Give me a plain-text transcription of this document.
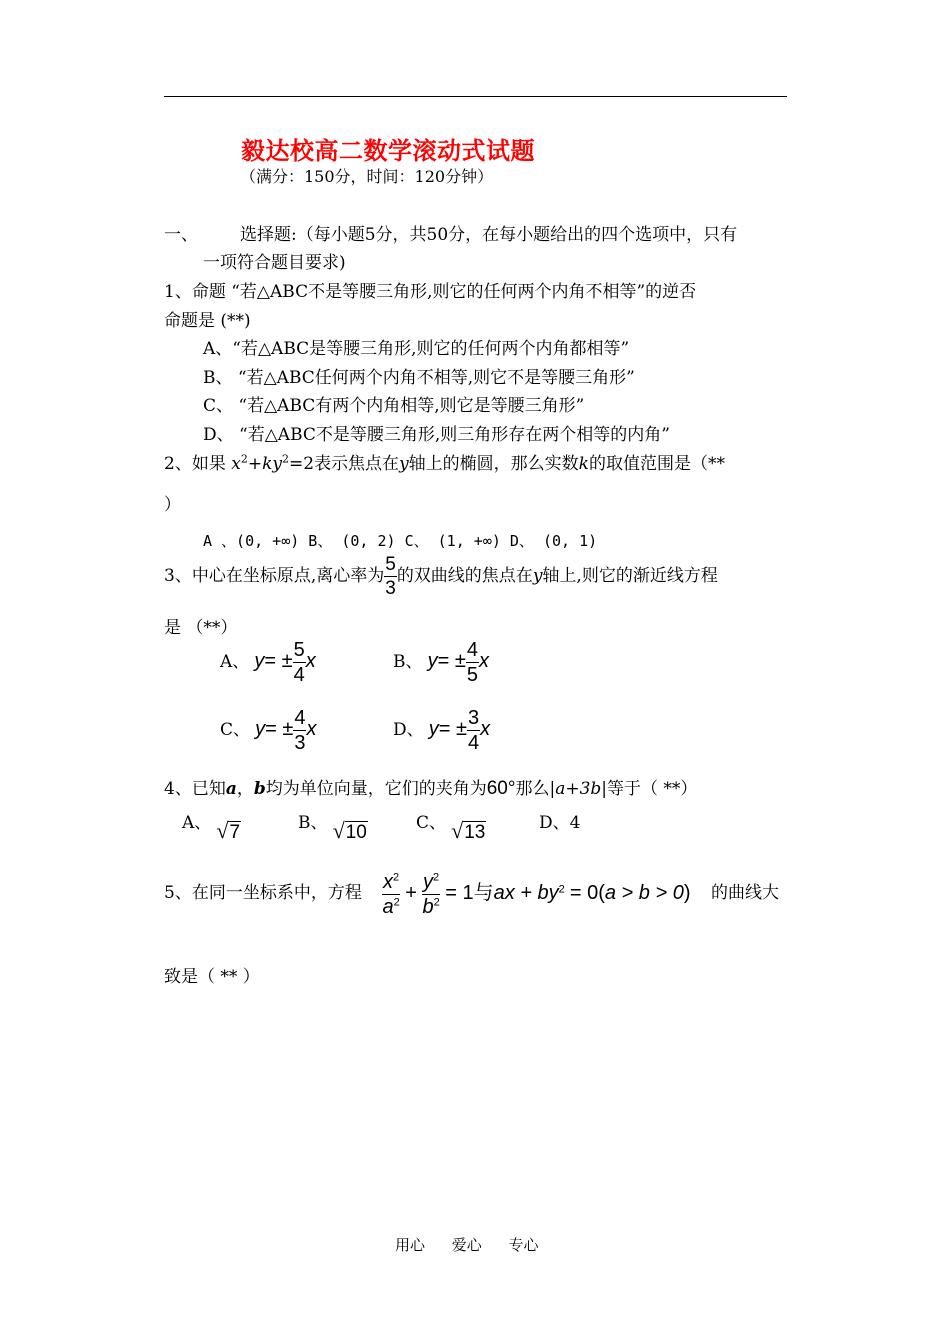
毅达校高二数学滚动式试题
（满分：150分，时间：120分钟）
一、 选择题:（每小题5分，共50分，在每小题给出的四个选项中，只有
一项符合题目要求)
1、命题 “若△ABC不是等腰三角形,则它的任何两个内角不相等”的逆否
命题是 (**)
A、“若△ABC是等腰三角形,则它的任何两个内角都相等”
B、 “若△ABC任何两个内角不相等,则它不是等腰三角形”
C、 “若△ABC有两个内角相等,则它是等腰三角形”
D、 “若△ABC不是等腰三角形,则三角形存在两个相等的内角”
2、如果 $x^2+ky^2=2$表示焦点在y轴上的椭圆，那么实数k的取值范围是（**
）
A 、(0, +∞) B、 (0, 2) C、 (1, +∞) D、 (0, 1)
3、中心在坐标原点,离心率为 $\frac{5}{3}$ 的双曲线的焦点在y轴上,则它的渐近线方程
是 （**）
A、 $y= \pm \frac{5}{4}$ x	B、 $y= \pm \frac{4}{5}$ x
C、 $y= \pm \frac{4}{3}$ x	D、 $y= \pm \frac{3}{4}$ x
4、已知a，b均为单位向量，它们的夹角为60°那么|a+3b|等于（ **）
A、 √7	B、 √10	C、 √13	D、4
5、在同一坐标系中，方程 $\frac{x^2}{a^2} + \frac{y^2}{b^2} = 1$与ax + $by^2 = 0(a > b > 0)$ 的曲线大
致是（ ** ）
用心 爱心 专心
